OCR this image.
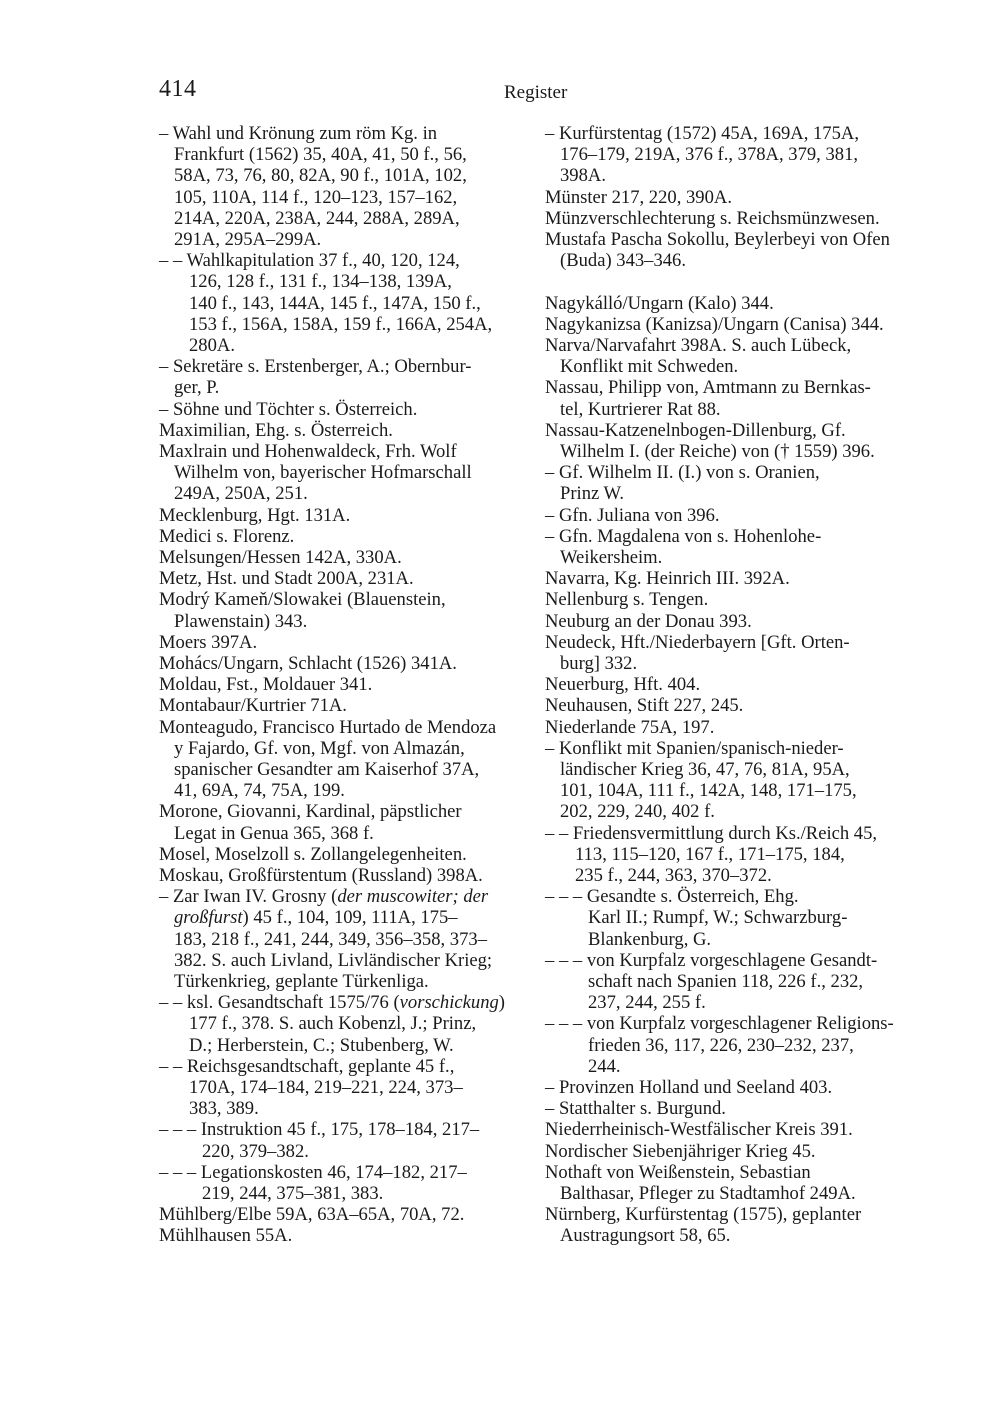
414	Register
– Wahl und Krönung zum röm Kg. in
Frankfurt (1562) 35, 40A, 41, 50 f., 56,
58A, 73, 76, 80, 82A, 90 f., 101A, 102,
105, 110A, 114 f., 120–123, 157–162,
214A, 220A, 238A, 244, 288A, 289A,
291A, 295A–299A.
– – Wahlkapitulation 37 f., 40, 120, 124,
126, 128 f., 131 f., 134–138, 139A,
140 f., 143, 144A, 145 f., 147A, 150 f.,
153 f., 156A, 158A, 159 f., 166A, 254A,
280A.
– Sekretäre s. Erstenberger, A.; Obernbur-
ger, P.
– Söhne und Töchter s. Österreich.
Maximilian, Ehg. s. Österreich.
Maxlrain und Hohenwaldeck, Frh. Wolf
Wilhelm von, bayerischer Hofmarschall
249A, 250A, 251.
Mecklenburg, Hgt. 131A.
Medici s. Florenz.
Melsungen/Hessen 142A, 330A.
Metz, Hst. und Stadt 200A, 231A.
Modrý Kameň/Slowakei (Blauenstein,
Plawenstain) 343.
Moers 397A.
Mohács/Ungarn, Schlacht (1526) 341A.
Moldau, Fst., Moldauer 341.
Montabaur/Kurtrier 71A.
Monteagudo, Francisco Hurtado de Mendoza
y Fajardo, Gf. von, Mgf. von Almazán,
spanischer Gesandter am Kaiserhof 37A,
41, 69A, 74, 75A, 199.
Morone, Giovanni, Kardinal, päpstlicher
Legat in Genua 365, 368 f.
Mosel, Moselzoll s. Zollangelegenheiten.
Moskau, Großfürstentum (Russland) 398A.
– Zar Iwan IV. Grosny (der muscowiter; der
großfurst) 45 f., 104, 109, 111A, 175–
183, 218 f., 241, 244, 349, 356–358, 373–
382. S. auch Livland, Livländischer Krieg;
Türkenkrieg, geplante Türkenliga.
– – ksl. Gesandtschaft 1575/76 (vorschickung)
177 f., 378. S. auch Kobenzl, J.; Prinz,
D.; Herberstein, C.; Stubenberg, W.
– – Reichsgesandtschaft, geplante 45 f.,
170A, 174–184, 219–221, 224, 373–
383, 389.
– – – Instruktion 45 f., 175, 178–184, 217–
220, 379–382.
– – – Legationskosten 46, 174–182, 217–
219, 244, 375–381, 383.
Mühlberg/Elbe 59A, 63A–65A, 70A, 72.
Mühlhausen 55A.
– Kurfürstentag (1572) 45A, 169A, 175A,
176–179, 219A, 376 f., 378A, 379, 381,
398A.
Münster 217, 220, 390A.
Münzverschlechterung s. Reichsmünzwesen.
Mustafa Pascha Sokollu, Beylerbeyi von Ofen
(Buda) 343–346.
Nagykálló/Ungarn (Kalo) 344.
Nagykanizsa (Kanizsa)/Ungarn (Canisa) 344.
Narva/Narvafahrt 398A. S. auch Lübeck,
Konflikt mit Schweden.
Nassau, Philipp von, Amtmann zu Bernkas-
tel, Kurtrierer Rat 88.
Nassau-Katzenelnbogen-Dillenburg, Gf.
Wilhelm I. (der Reiche) von († 1559) 396.
– Gf. Wilhelm II. (I.) von s. Oranien,
Prinz W.
– Gfn. Juliana von 396.
– Gfn. Magdalena von s. Hohenlohe-
Weikersheim.
Navarra, Kg. Heinrich III. 392A.
Nellenburg s. Tengen.
Neuburg an der Donau 393.
Neudeck, Hft./Niederbayern [Gft. Orten-
burg] 332.
Neuerburg, Hft. 404.
Neuhausen, Stift 227, 245.
Niederlande 75A, 197.
– Konflikt mit Spanien/spanisch-nieder-
ländischer Krieg 36, 47, 76, 81A, 95A,
101, 104A, 111 f., 142A, 148, 171–175,
202, 229, 240, 402 f.
– – Friedensvermittlung durch Ks./Reich 45,
113, 115–120, 167 f., 171–175, 184,
235 f., 244, 363, 370–372.
– – – Gesandte s. Österreich, Ehg.
Karl II.; Rumpf, W.; Schwarzburg-
Blankenburg, G.
– – – von Kurpfalz vorgeschlagene Gesandt-
schaft nach Spanien 118, 226 f., 232,
237, 244, 255 f.
– – – von Kurpfalz vorgeschlagener Religions-
frieden 36, 117, 226, 230–232, 237,
244.
– Provinzen Holland und Seeland 403.
– Statthalter s. Burgund.
Niederrheinisch-Westfälischer Kreis 391.
Nordischer Siebenjähriger Krieg 45.
Nothaft von Weißenstein, Sebastian
Balthasar, Pfleger zu Stadtamhof 249A.
Nürnberg, Kurfürstentag (1575), geplanter
Austragungsort 58, 65.
